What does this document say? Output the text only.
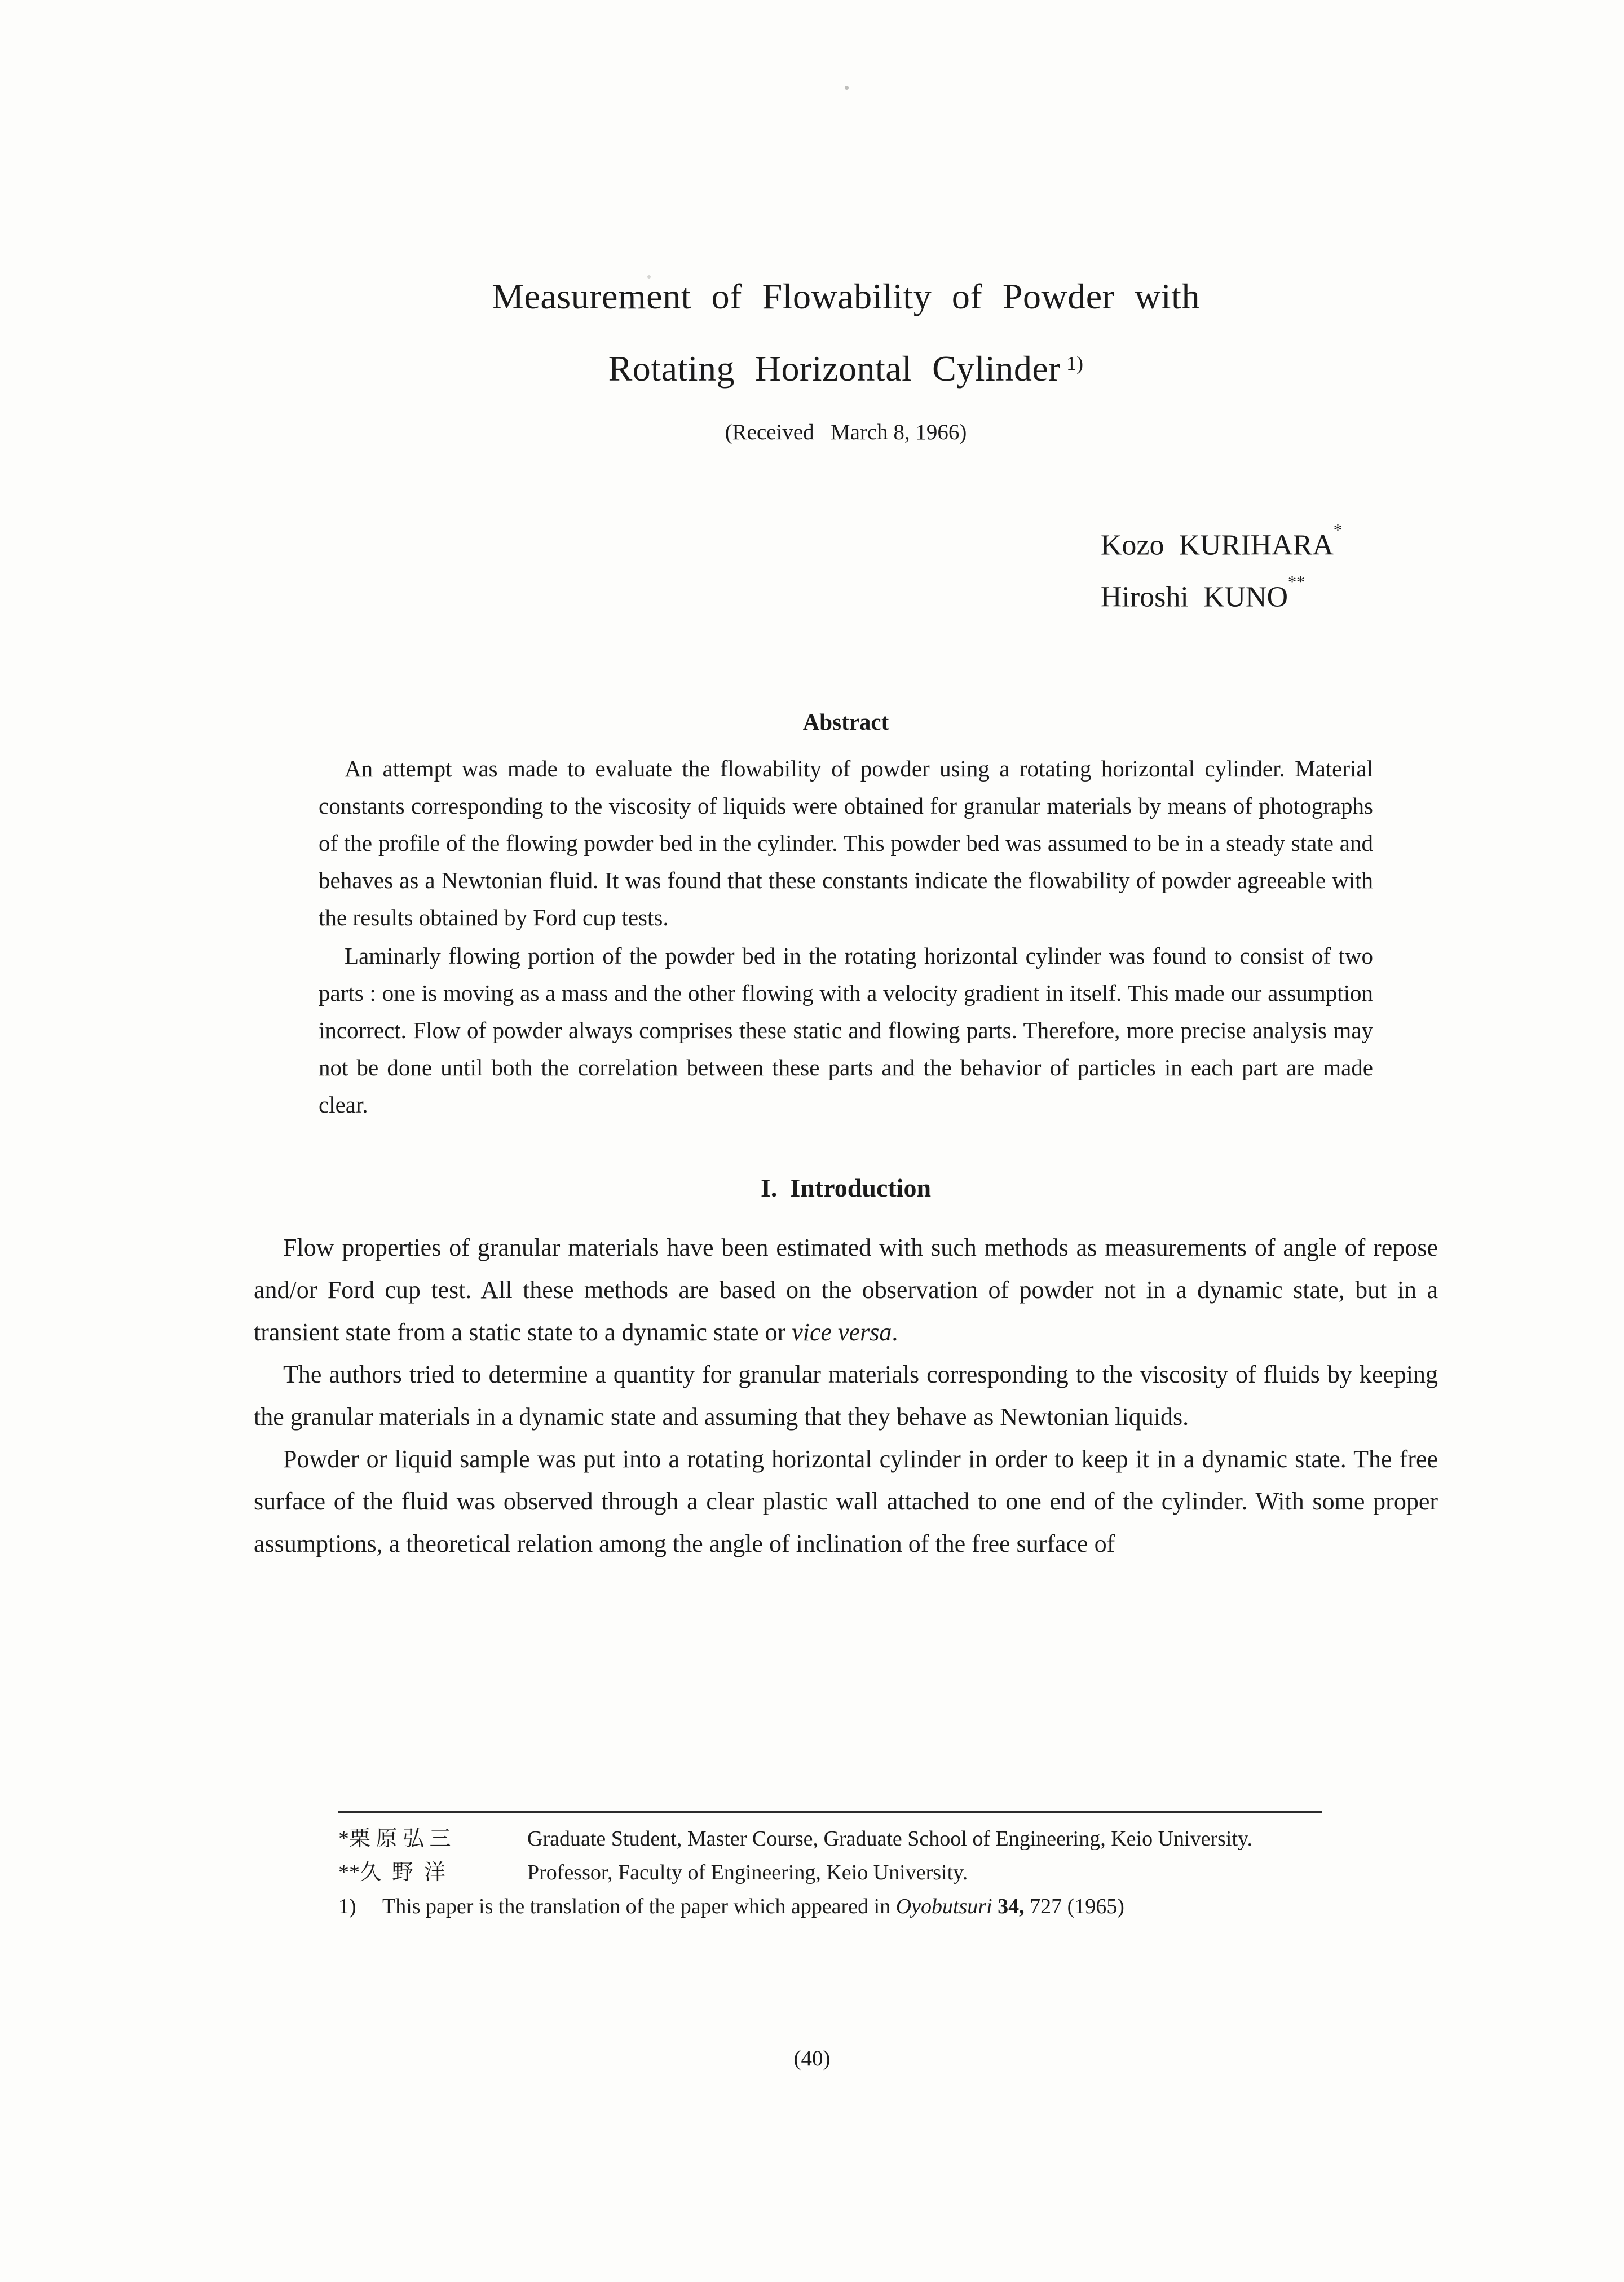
Measurement of Flowability of Powder with
Rotating Horizontal Cylinder $^{1)}$
(Received   March 8, 1966)
Kozo KURIHARA*
Hiroshi KUNO**
Abstract

An attempt was made to evaluate the flowability of powder using a rotating horizontal cylinder. Material constants corresponding to the viscosity of liquids were obtained for granular materials by means of photographs of the profile of the flowing powder bed in the cylinder. This powder bed was assumed to be in a steady state and behaves as a Newtonian fluid. It was found that these constants indicate the flowability of powder agreeable with the results obtained by Ford cup tests.

Laminarly flowing portion of the powder bed in the rotating horizontal cylinder was found to consist of two parts : one is moving as a mass and the other flowing with a velocity gradient in itself. This made our assumption incorrect. Flow of powder always comprises these static and flowing parts. Therefore, more precise analysis may not be done until both the correlation between these parts and the behavior of particles in each part are made clear.

I.  Introduction

Flow properties of granular materials have been estimated with such methods as measurements of angle of repose and/or Ford cup test. All these methods are based on the observation of powder not in a dynamic state, but in a transient state from a static state to a dynamic state or vice versa.

The authors tried to determine a quantity for granular materials corresponding to the viscosity of fluids by keeping the granular materials in a dynamic state and assuming that they behave as Newtonian liquids.

Powder or liquid sample was put into a rotating horizontal cylinder in order to keep it in a dynamic state. The free surface of the fluid was observed through a clear plastic wall attached to one end of the cylinder. With some proper assumptions, a theoretical relation among the angle of inclination of the free surface of

*栗 原 弘 三	Graduate Student, Master Course, Graduate School of Engineering, Keio University.
**久  野  洋	Professor, Faculty of Engineering, Keio University.
1)	This paper is the translation of the paper which appeared in Oyobutsuri 34, 727 (1965)
(40)
